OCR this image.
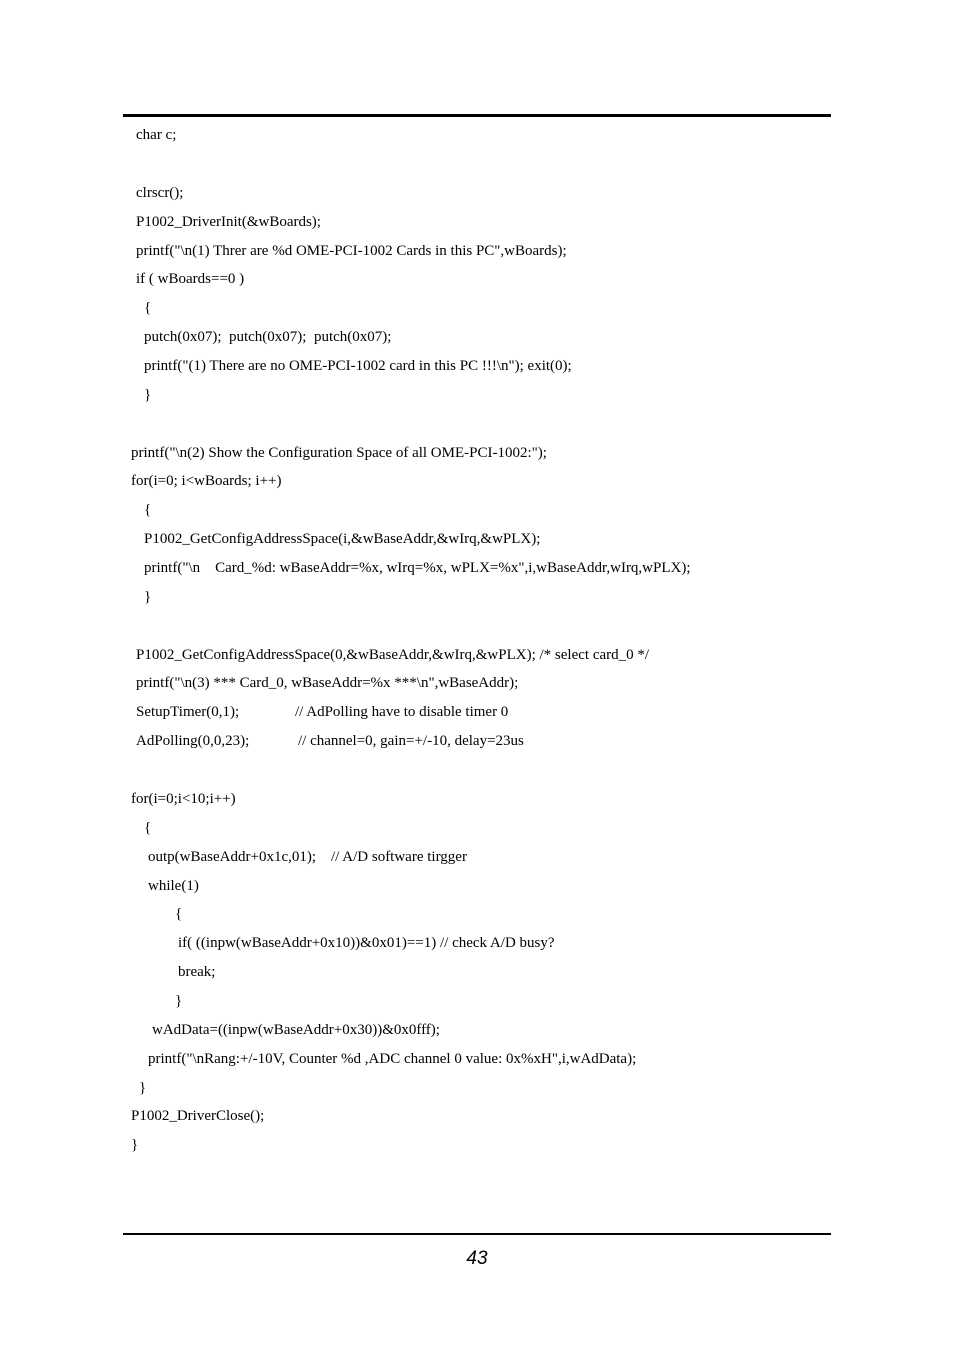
char c;
clrscr();
P1002_DriverInit(&wBoards);
printf("\n(1) Threr are %d OME-PCI-1002 Cards in this PC",wBoards);
if ( wBoards==0 )
{
putch(0x07);  putch(0x07);  putch(0x07);
printf("(1) There are no OME-PCI-1002 card in this PC !!!\n"); exit(0);
}
printf("\n(2) Show the Configuration Space of all OME-PCI-1002:");
for(i=0; i<wBoards; i++)
{
P1002_GetConfigAddressSpace(i,&wBaseAddr,&wIrq,&wPLX);
printf("\n    Card_%d: wBaseAddr=%x, wIrq=%x, wPLX=%x",i,wBaseAddr,wIrq,wPLX);
}
P1002_GetConfigAddressSpace(0,&wBaseAddr,&wIrq,&wPLX); /* select card_0 */
printf("\n(3) *** Card_0, wBaseAddr=%x ***\n",wBaseAddr);
SetupTimer(0,1);	// AdPolling have to disable timer 0
AdPolling(0,0,23);	// channel=0, gain=+/-10, delay=23us
for(i=0;i<10;i++)
{
outp(wBaseAddr+0x1c,01);    // A/D software tirgger
while(1)
{
if( ((inpw(wBaseAddr+0x10))&0x01)==1) // check A/D busy?
break;
}
wAdData=((inpw(wBaseAddr+0x30))&0x0fff);
printf("\nRang:+/-10V, Counter %d ,ADC channel 0 value: 0x%xH",i,wAdData);
}
P1002_DriverClose();
}
43
